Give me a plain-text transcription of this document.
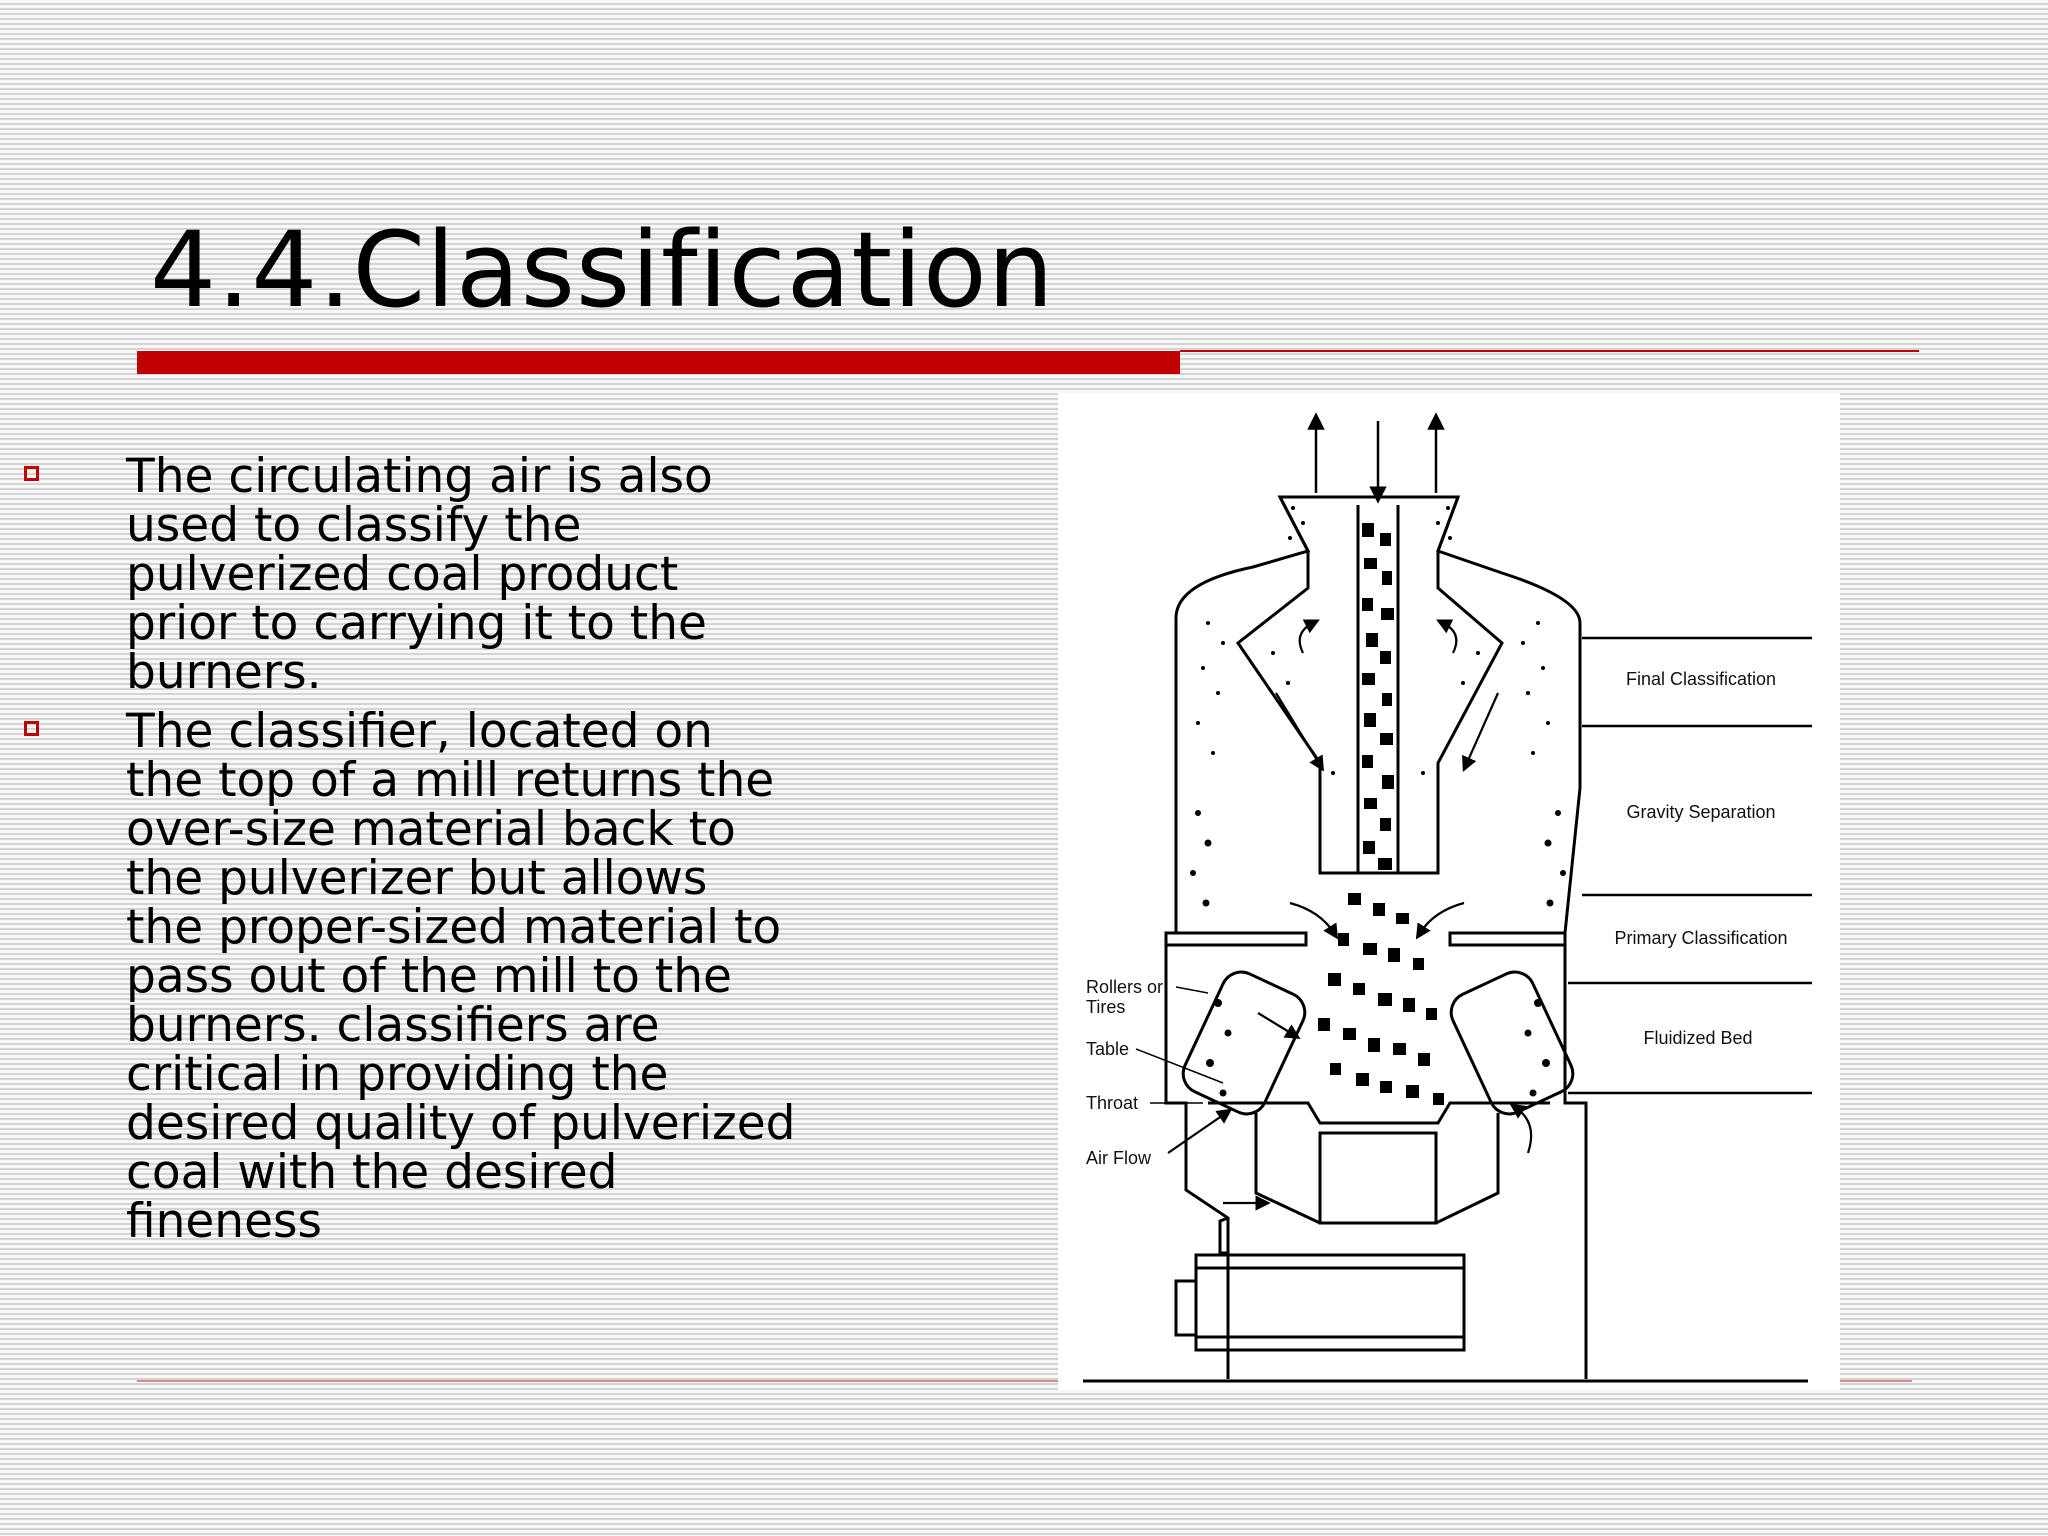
4.4.Classification
The circulating air is also
used to classify the
pulverized coal product
prior to carrying it to the
burners.
The classifier, located on
the top of a mill returns the
over-size material back to
the pulverizer but allows
the proper-sized material to
pass out of the mill to the
burners. classifiers are
critical in providing the
desired quality of pulverized
coal with the desired
fineness
Final Classification
Gravity Separation
Primary Classification
Fluidized Bed
Rollers or
Tires
Table
Throat
Air Flow
